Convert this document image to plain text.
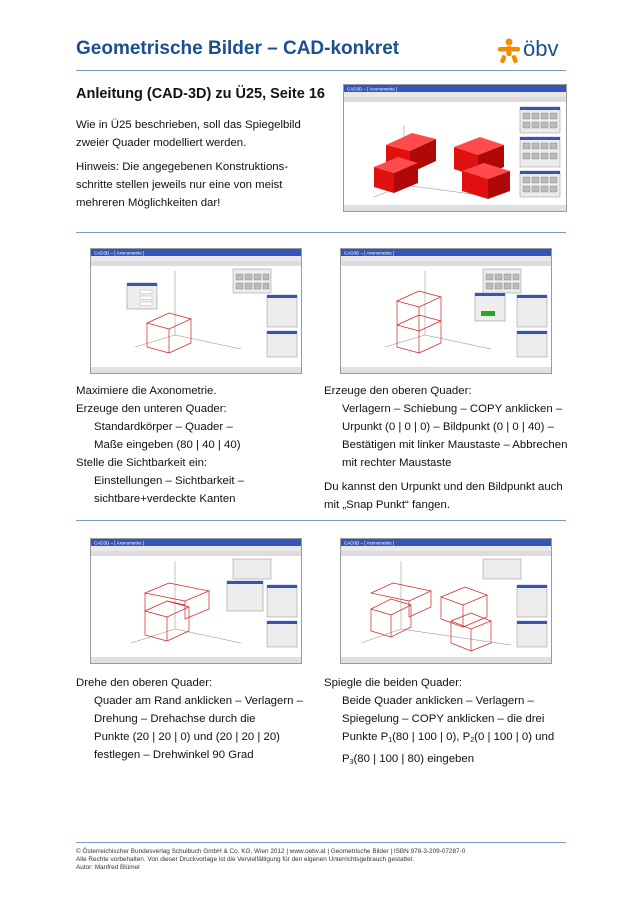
Geometrische Bilder – CAD-konkret	öbv
Anleitung (CAD-3D) zu Ü25, Seite 16
Wie in Ü25 beschrieben, soll das Spiegelbild
zweier Quader modelliert werden.
Hinweis: Die angegebenen Konstruktions-
schritte stellen jeweils nur eine von meist
mehreren Möglichkeiten dar!
CAD3D – [ Axonometrie ]
CAD3D – [ Axonometrie ]	CAD3D – [ Axonometrie ]
Maximiere die Axonometrie.
Erzeuge den unteren Quader:
Standardkörper – Quader –
Maße eingeben (80 | 40 | 40)
Stelle die Sichtbarkeit ein:
Einstellungen – Sichtbarkeit –
sichtbare+verdeckte Kanten
Erzeuge den oberen Quader:
Verlagern – Schiebung – COPY anklicken –
Urpunkt (0 | 0 | 0) – Bildpunkt (0 | 0 | 40) –
Bestätigen mit linker Maustaste – Abbrechen
mit rechter Maustaste
Du kannst den Urpunkt und den Bildpunkt auch
mit „Snap Punkt“ fangen.
CAD3D – [ Axonometrie ]	CAD3D – [ Axonometrie ]
Drehe den oberen Quader:
Quader am Rand anklicken – Verlagern –
Drehung – Drehachse durch die
Punkte (20 | 20 | 0) und (20 | 20 | 20)
festlegen – Drehwinkel 90 Grad
Spiegle die beiden Quader:
Beide Quader anklicken – Verlagern –
Spiegelung – COPY anklicken – die drei
Punkte $P_1(80$ | 100 | 0), $P_2(0$ | 100 | 0) und
$P_3(80$ | 100 | 80) eingeben
© Österreichischer Bundesverlag Schulbuch GmbH & Co. KG, Wien 2012 | www.oebv.at | Geometrische Bilder | ISBN 978-3-209-07287-0
Alle Rechte vorbehalten. Von dieser Druckvorlage ist die Vervielfältigung für den eigenen Unterrichtsgebrauch gestattet.
Autor: Manfred Blümel
